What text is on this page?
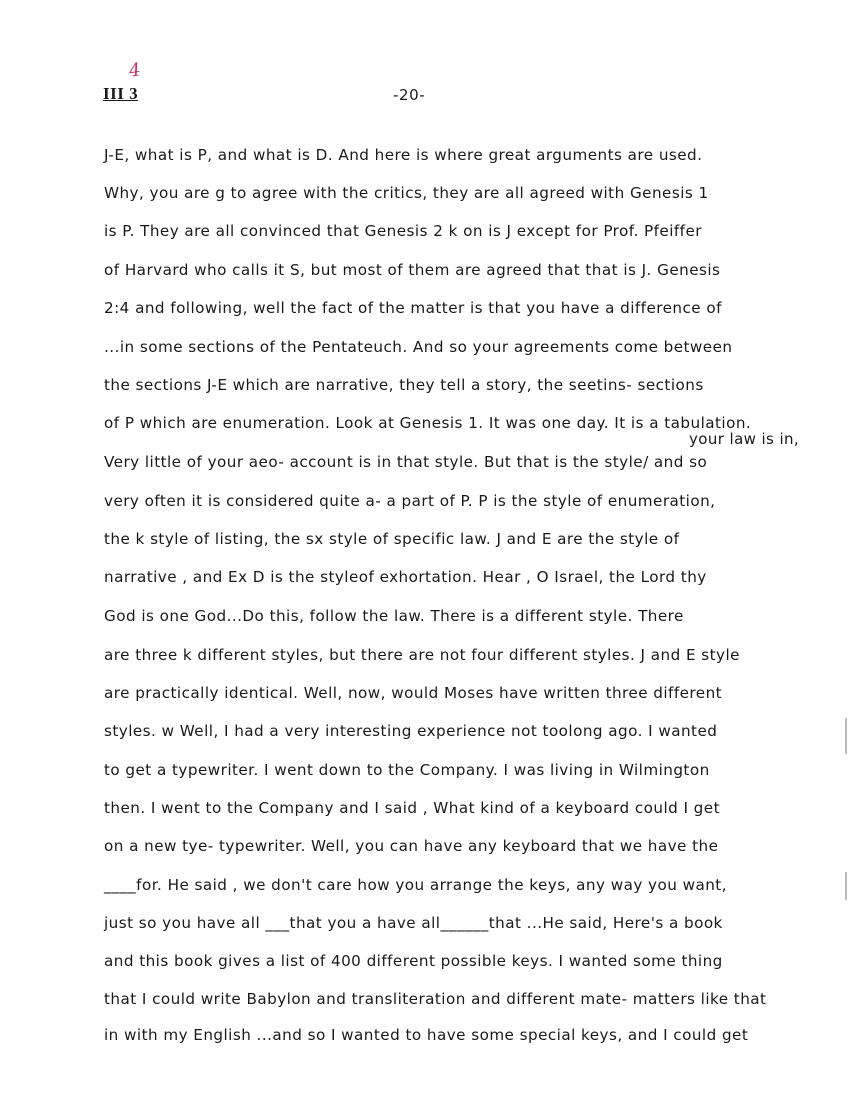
III 3
4
-20-
your law is in,
J-E, what is P, and what is D. And here is where great arguments are used.
Why, you are g to agree with the critics, they are all agreed with Genesis 1
is P. They are all convinced that Genesis 2 k on is J except for Prof. Pfeiffer
of Harvard who calls it S, but most of them are agreed that that is J. Genesis
2:4 and following, well the fact of the matter is that you have a difference of
...in some sections of the Pentateuch. And so your agreements come between
the sections J-E which are narrative, they tell a story, the seetins- sections
of P which are enumeration. Look at Genesis 1. It was one day. It is a tabulation.
Very little of your aeo- account is in that style. But that is the style/ and so
very often it is considered quite a- a part of P. P is the style of enumeration,
the k style of listing, the sx style of specific law. J and E are the style of
narrative , and Ex D is the styleof exhortation. Hear , O Israel, the Lord thy
God is one God...Do this, follow the law. There is a different style. There
are three k different styles, but there are not four different styles. J and E style
are practically identical. Well, now, would Moses have written three different
styles. w Well, I had a very interesting experience not toolong ago. I wanted
to get a typewriter. I went down to the Company. I was living in Wilmington
then. I went to the Company and I said , What kind of a keyboard could I get
on a new tye- typewriter. Well, you can have any keyboard that we have the
____for. He said , we don't care how you arrange the keys, any way you want,
just so you have all ___that you a have all______that ...He said, Here's a book
and this book gives a list of 400 different possible keys. I wanted some thing
that I could write Babylon and transliteration and different mate- matters like that
in with my English ...and so I wanted to have some special keys, and I could get
